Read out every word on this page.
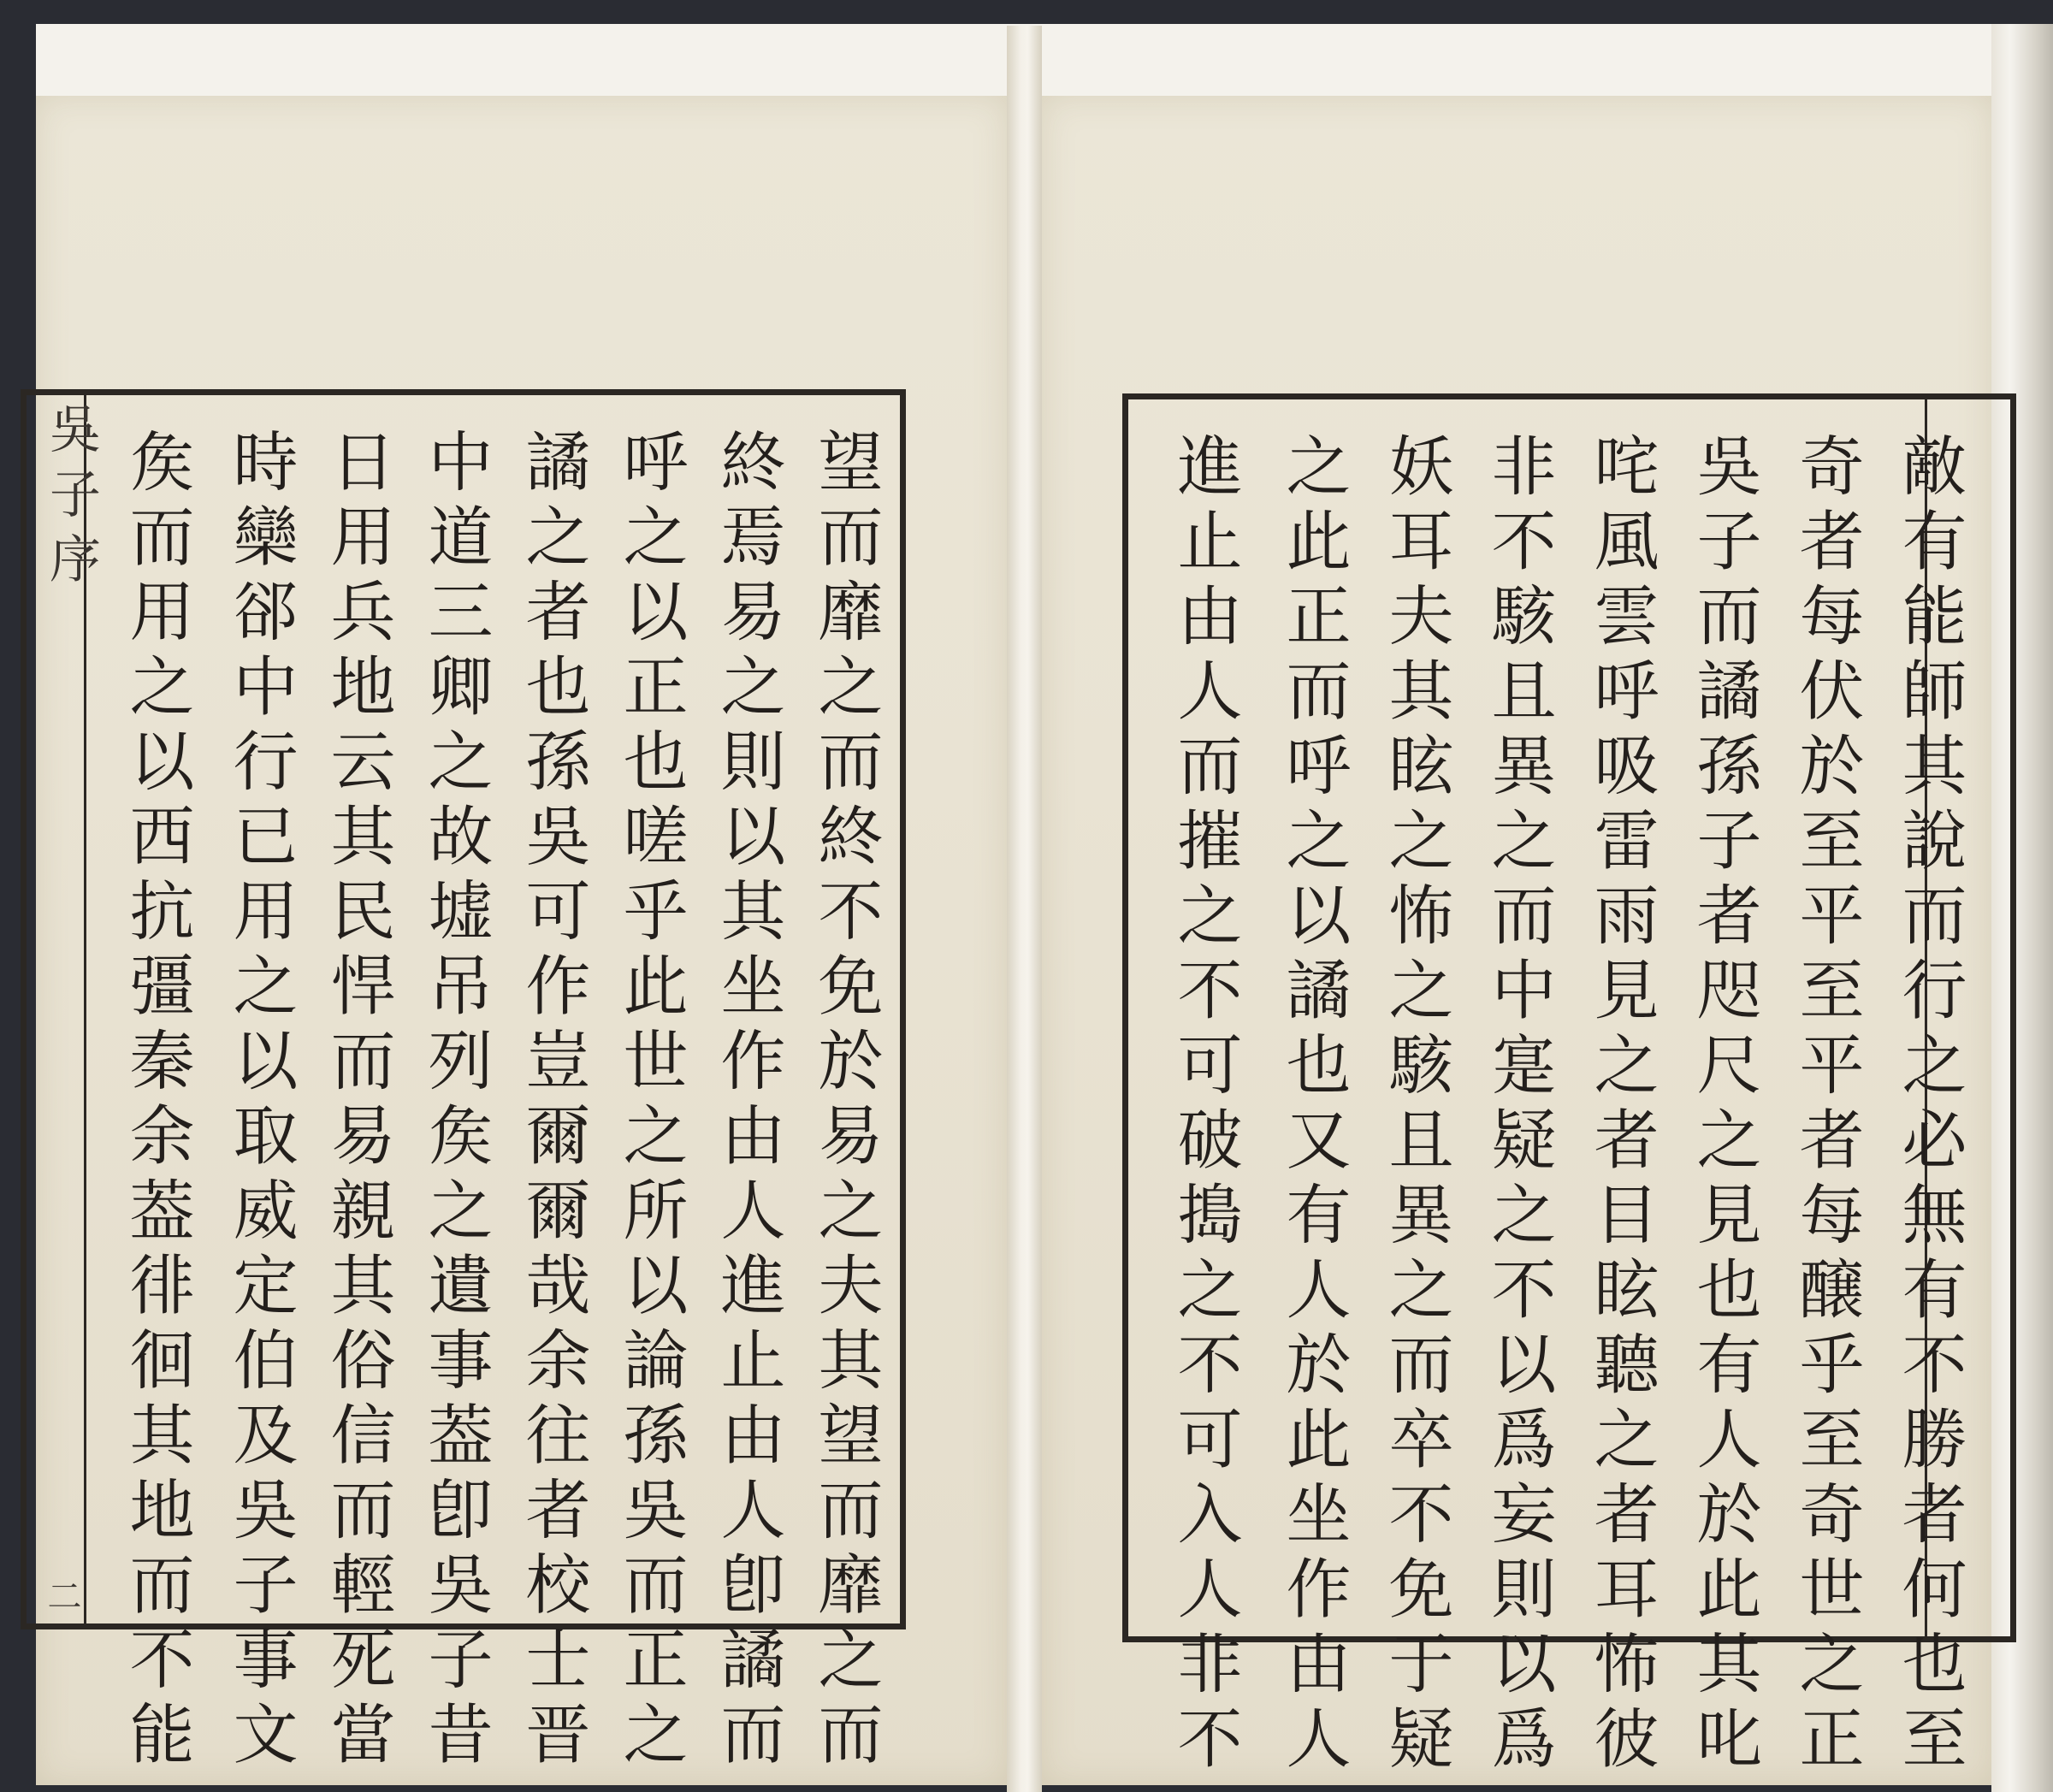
吳子序
二	望而靡之而終不免於易之夫其望而靡之而
終焉易之則以其坐作由人進止由人卽譎而
呼之以正也嗟乎此世之所以論孫吳而正之
譎之者也孫吳可作豈爾爾哉余往者校士晋
中道三卿之故墟吊列矦之遺事葢卽吳子昔
日用兵地云其民悍而易親其俗信而輕死當
時欒郤中行已用之以取威定伯及吳子事文
矦而用之以西抗彊秦余葢徘徊其地而不能	敵有能師其說而行之必無有不勝者何也至
奇者每伏於至平至平者每醸乎至奇世之正
吳子而譎孫子者咫尺之見也有人於此其叱
咤風雲呼吸雷雨見之者目眩聽之者耳怖彼
非不駭且異之而中寔疑之不以爲妄則以爲
妖耳夫其眩之怖之駭且異之而卒不免于疑
之此正而呼之以譎也又有人於此坐作由人
進止由人而摧之不可破搗之不可入人非不
